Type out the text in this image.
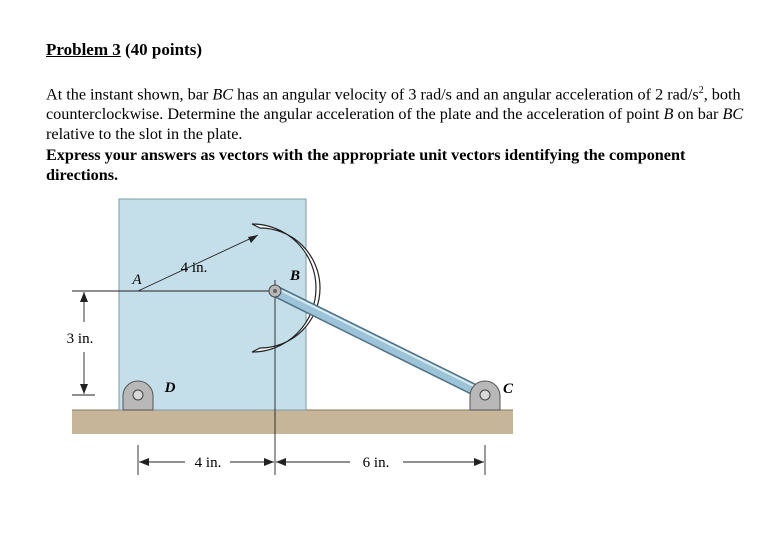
Problem 3 (40 points)
At the instant shown, bar BC has an angular velocity of 3 rad/s and an angular acceleration of 2 rad/$s^2$, both counterclockwise. Determine the angular acceleration of the plate and the acceleration of point B on bar BC relative to the slot in the plate.
Express your answers as vectors with the appropriate unit vectors identifying the component directions.
A
4 in.	B
3 in.
D	C
4 in.	6 in.
